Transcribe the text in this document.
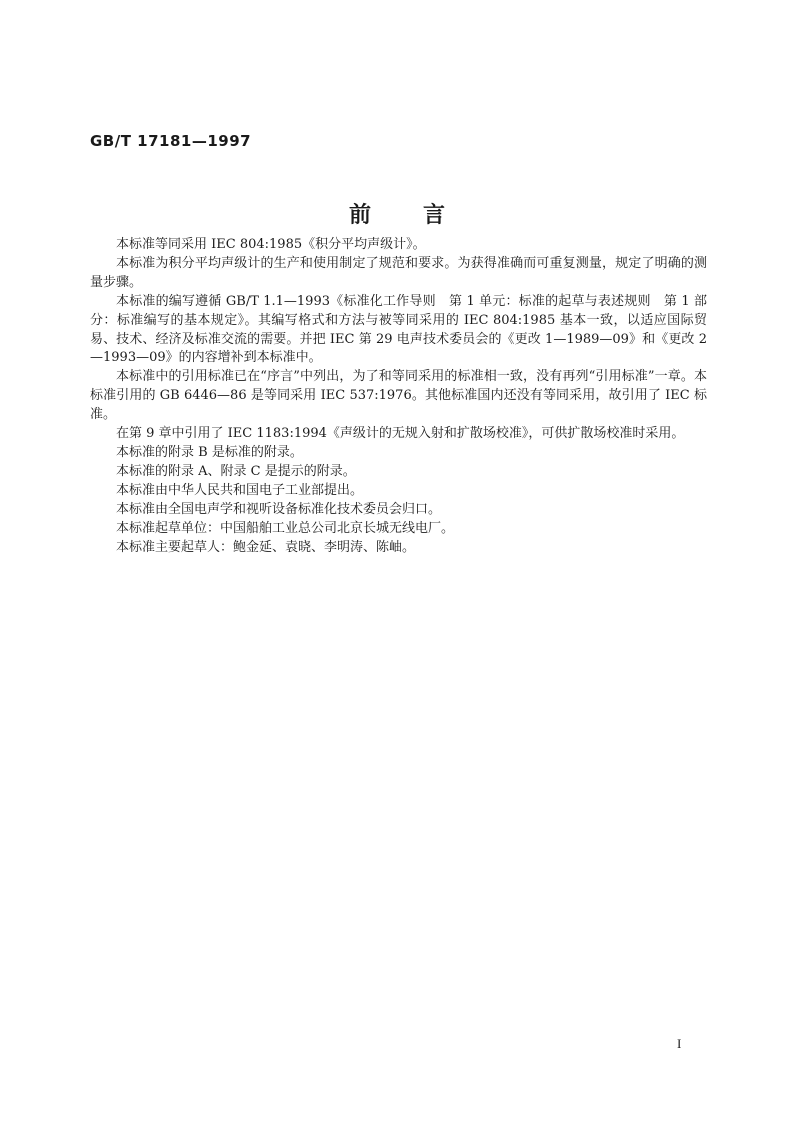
GB/T 17181—1997
前言

本标准等同采用 IEC 804:1985《积分平均声级计》。

本标准为积分平均声级计的生产和使用制定了规范和要求。为获得准确而可重复测量，规定了明确的测量步骤。

本标准的编写遵循 GB/T 1.1—1993《标准化工作导则　第 1 单元：标准的起草与表述规则　第 1 部分：标准编写的基本规定》。其编写格式和方法与被等同采用的 IEC 804:1985 基本一致，以适应国际贸易、技术、经济及标准交流的需要。并把 IEC 第 29 电声技术委员会的《更改 1—1989—09》和《更改 2—1993—09》的内容增补到本标准中。

本标准中的引用标准已在“序言”中列出，为了和等同采用的标准相一致，没有再列“引用标准”一章。本标准引用的 GB 6446—86 是等同采用 IEC 537:1976。其他标准国内还没有等同采用，故引用了 IEC 标准。

在第 9 章中引用了 IEC 1183:1994《声级计的无规入射和扩散场校准》，可供扩散场校准时采用。

本标准的附录 B 是标准的附录。

本标准的附录 A、附录 C 是提示的附录。

本标准由中华人民共和国电子工业部提出。

本标准由全国电声学和视听设备标准化技术委员会归口。

本标准起草单位：中国船舶工业总公司北京长城无线电厂。

本标准主要起草人：鲍金延、袁晓、李明涛、陈岫。

I
